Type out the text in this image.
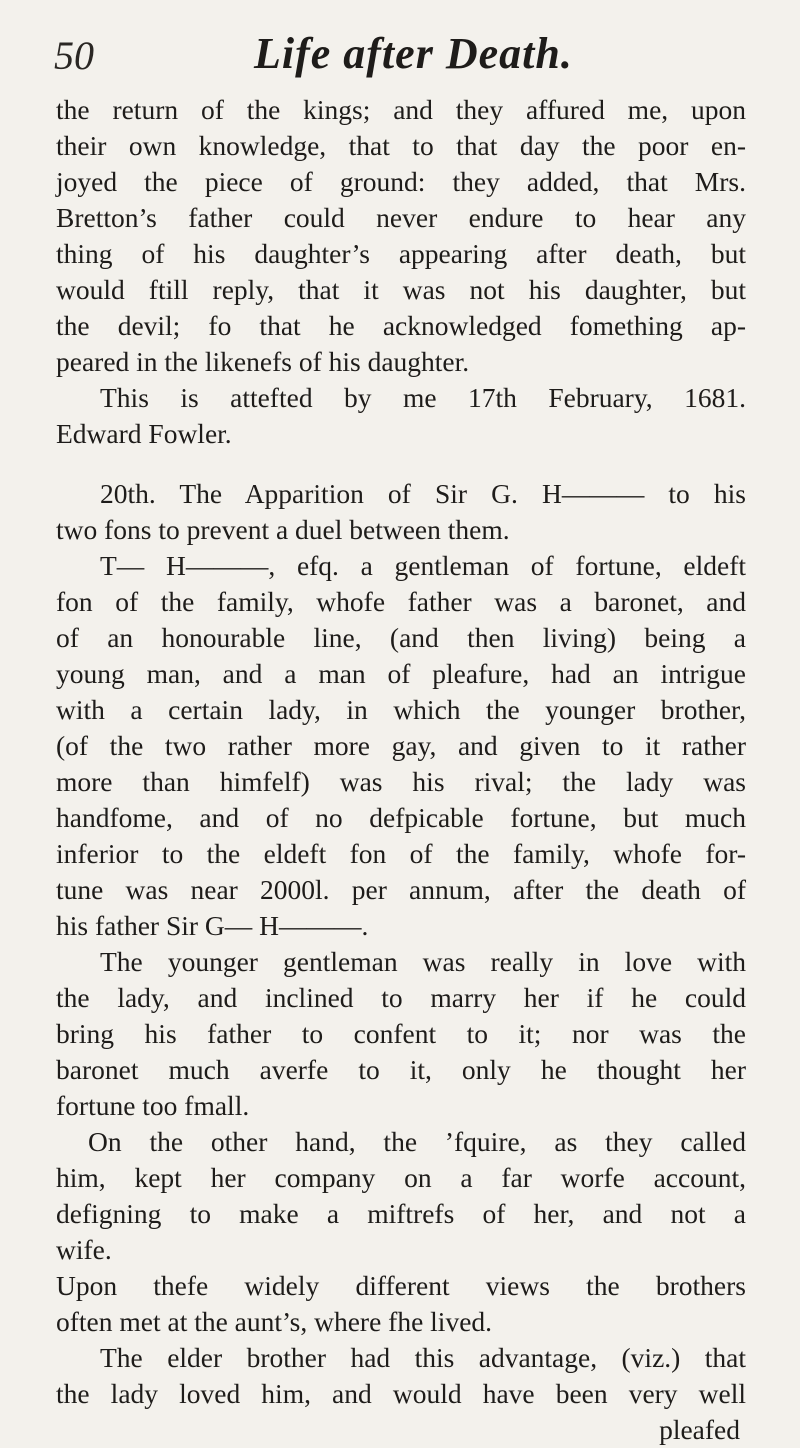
50	Life after Death.
the return of the kings; and they affured me, upon
their own knowledge, that to that day the poor en-
joyed the piece of ground: they added, that Mrs.
Bretton’s father could never endure to hear any
thing of his daughter’s appearing after death, but
would ftill reply, that it was not his daughter, but
the devil; fo that he acknowledged fomething ap-
peared in the likenefs of his daughter.
This is attefted by me 17th February, 1681.
Edward Fowler.
20th. The Apparition of Sir G. H——— to his
two fons to prevent a duel between them.
T— H———, efq. a gentleman of fortune, eldeft
fon of the family, whofe father was a baronet, and
of an honourable line, (and then living) being a
young man, and a man of pleafure, had an intrigue
with a certain lady, in which the younger brother,
(of the two rather more gay, and given to it rather
more than himfelf) was his rival; the lady was
handfome, and of no defpicable fortune, but much
inferior to the eldeft fon of the family, whofe for-
tune was near 2000l. per annum, after the death of
his father Sir G— H———.
The younger gentleman was really in love with
the lady, and inclined to marry her if he could
bring his father to confent to it; nor was the
baronet much averfe to it, only he thought her
fortune too fmall.
On the other hand, the ’fquire, as they called
him, kept her company on a far worfe account,
defigning to make a miftrefs of her, and not a
wife.
Upon thefe widely different views the brothers
often met at the aunt’s, where fhe lived.
The elder brother had this advantage, (viz.) that
the lady loved him, and would have been very well
pleafed
